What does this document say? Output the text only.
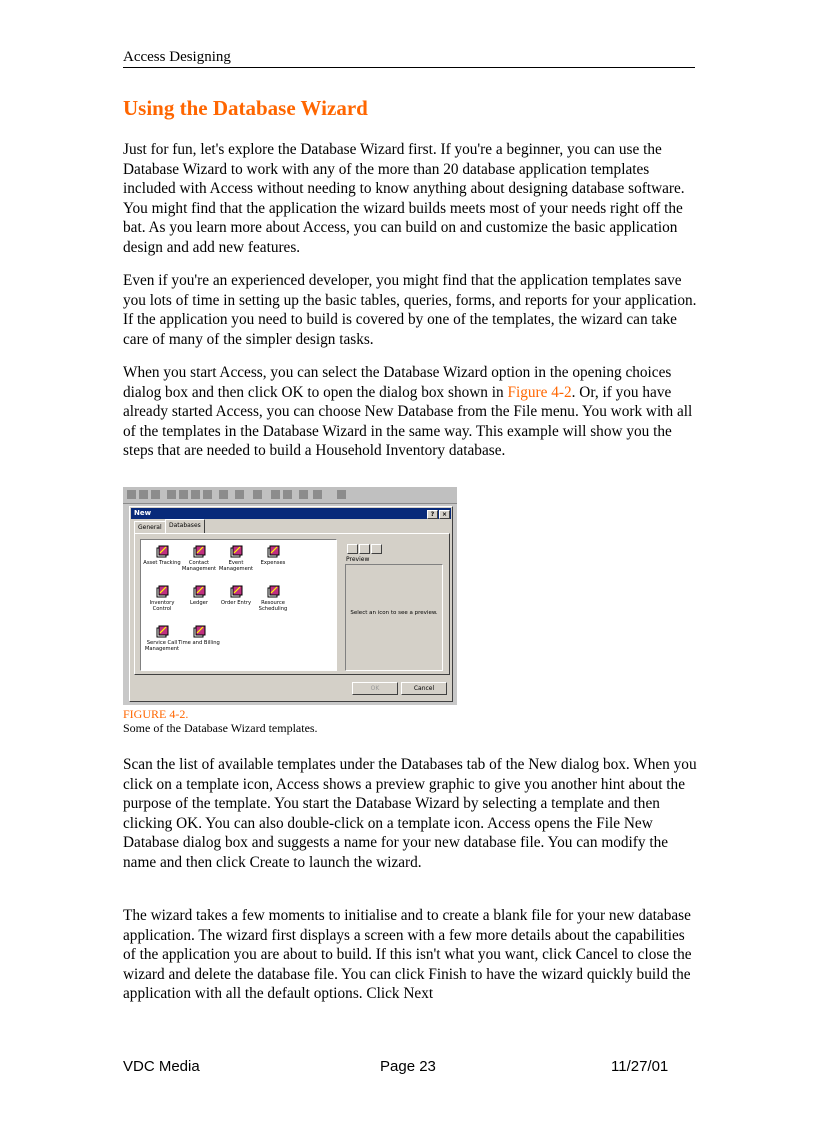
Access Designing
Using the Database Wizard

Just for fun, let's explore the Database Wizard first. If you're a beginner, you can use the Database Wizard to work with any of the more than 20 database application templates included with Access without needing to know anything about designing database software. You might find that the application the wizard builds meets most of your needs right off the bat. As you learn more about Access, you can build on and customize the basic application design and add new features.

Even if you're an experienced developer, you might find that the application templates save you lots of time in setting up the basic tables, queries, forms, and reports for your application. If the application you need to build is covered by one of the templates, the wizard can take care of many of the simpler design tasks.

When you start Access, you can select the Database Wizard option in the opening choices dialog box and then click OK to open the dialog box shown in Figure 4-2. Or, if you have already started Access, you can choose New Database from the File menu. You work with all of the templates in the Database Wizard in the same way. This example will show you the steps that are needed to build a Household Inventory database.

New	?	×
General	Databases
Asset Tracking	Contact Management
Event Management
Expenses
Inventory Control
Ledger	Order Entry	Resource Scheduling
Service Call Management
Time and Billing
Preview
Select an icon to see a preview.
OK	Cancel
FIGURE 4-2.
Some of the Database Wizard templates.

Scan the list of available templates under the Databases tab of the New dialog box. When you click on a template icon, Access shows a preview graphic to give you another hint about the purpose of the template. You start the Database Wizard by selecting a template and then clicking OK. You can also double-click on a template icon. Access opens the File New Database dialog box and suggests a name for your new database file. You can modify the name and then click Create to launch the wizard.

The wizard takes a few moments to initialise and to create a blank file for your new database application. The wizard first displays a screen with a few more details about the capabilities of the application you are about to build. If this isn't what you want, click Cancel to close the wizard and delete the database file. You can click Finish to have the wizard quickly build the application with all the default options. Click Next

VDC Media	Page 23	11/27/01
